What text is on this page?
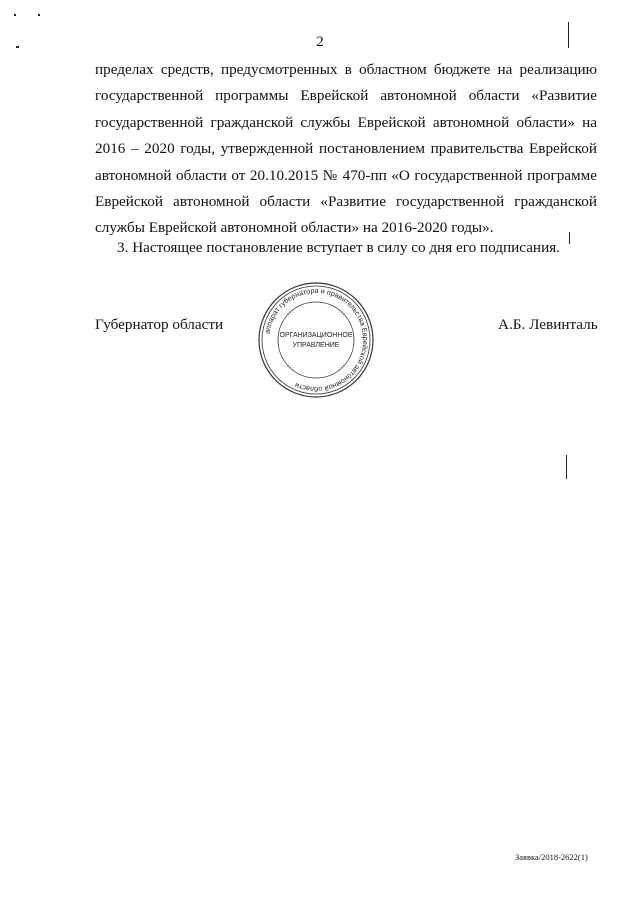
2
пределах средств, предусмотренных в областном бюджете на реализацию государственной программы Еврейской автономной области «Развитие государственной гражданской службы Еврейской автономной области» на 2016 – 2020 годы, утвержденной постановлением правительства Еврейской автономной области от 20.10.2015 № 470-пп «О государственной программе Еврейской автономной области «Развитие государственной гражданской службы Еврейской автономной области» на 2016-2020 годы».
3. Настоящее постановление вступает в силу со дня его подписания.
Губернатор области	А.Б. Левинталь
аппарат губернатора и правительства Еврейской автономной области
ОРГАНИЗАЦИОННОЕ
УПРАВЛЕНИЕ
Заявка/2018-2622(1)
